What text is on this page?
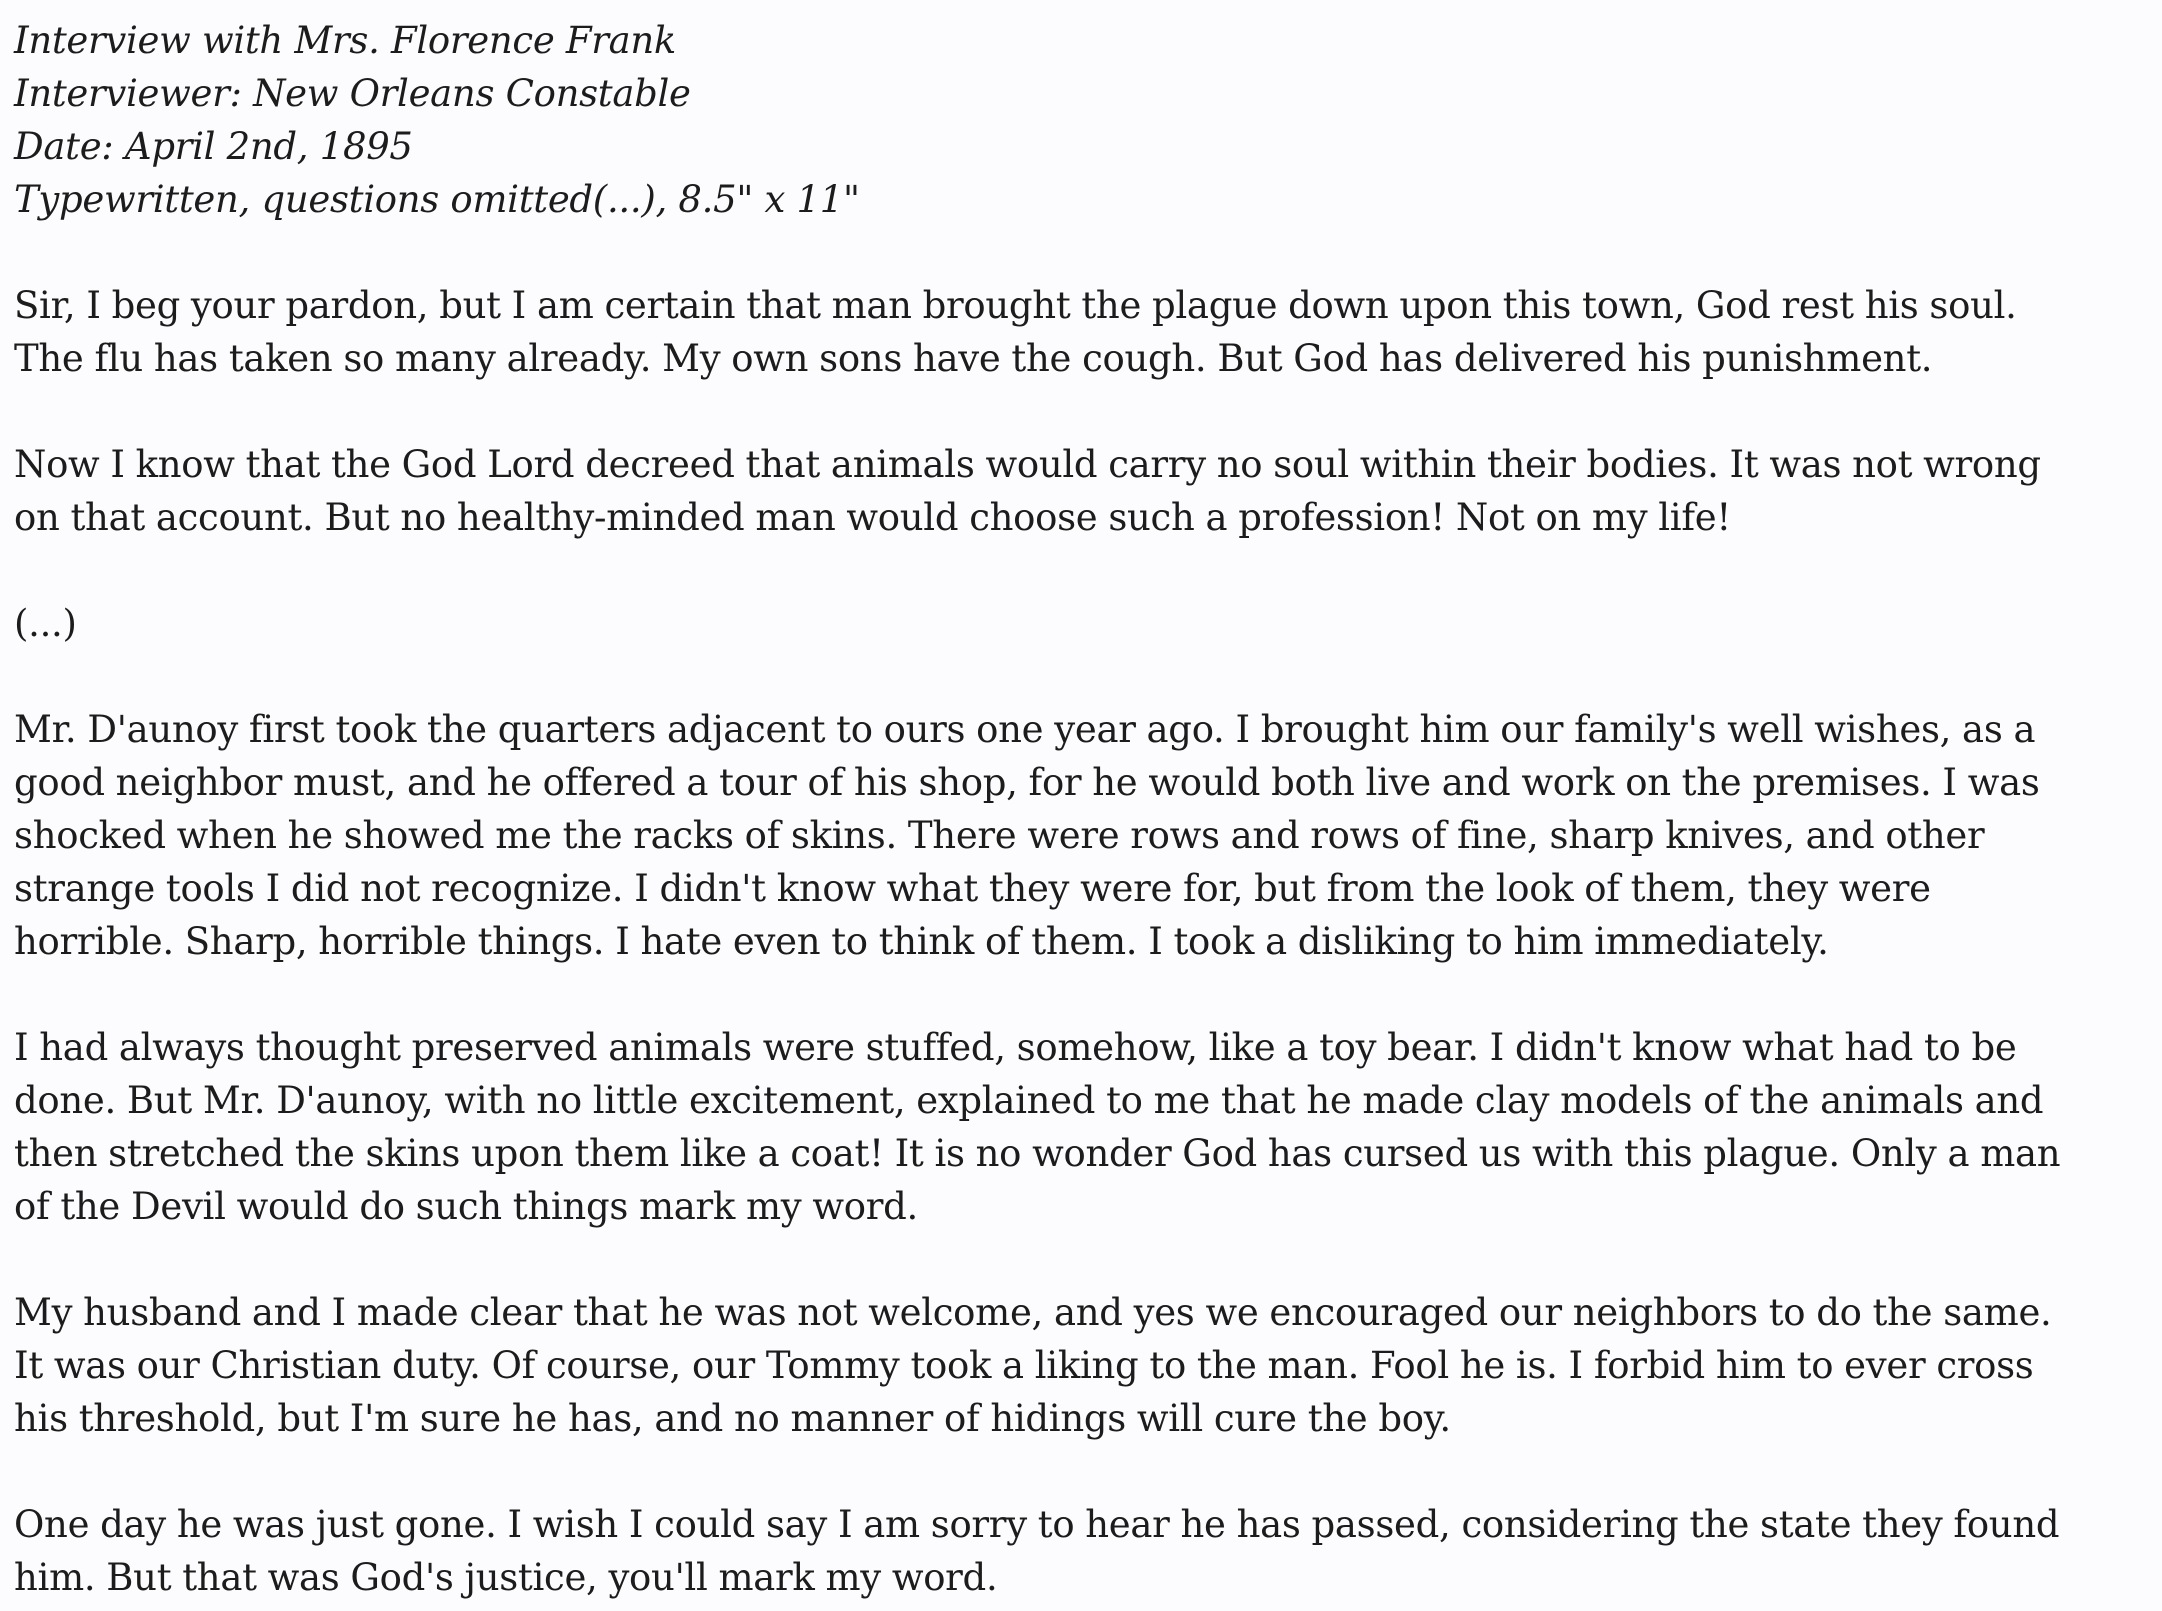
Interview with Mrs. Florence Frank
Interviewer: New Orleans Constable
Date: April 2nd, 1895
Typewritten, questions omitted(...), 8.5" x 11"

Sir, I beg your pardon, but I am certain that man brought the plague down upon this town, God rest his soul. The flu has taken so many already. My own sons have the cough. But God has delivered his punishment.

Now I know that the God Lord decreed that animals would carry no soul within their bodies. It was not wrong on that account. But no healthy-minded man would choose such a profession! Not on my life!

(...)

Mr. D'aunoy first took the quarters adjacent to ours one year ago. I brought him our family's well wishes, as a good neighbor must, and he offered a tour of his shop, for he would both live and work on the premises. I was shocked when he showed me the racks of skins. There were rows and rows of fine, sharp knives, and other strange tools I did not recognize. I didn't know what they were for, but from the look of them, they were horrible. Sharp, horrible things. I hate even to think of them. I took a disliking to him immediately.

I had always thought preserved animals were stuffed, somehow, like a toy bear. I didn't know what had to be done. But Mr. D'aunoy, with no little excitement, explained to me that he made clay models of the animals and then stretched the skins upon them like a coat! It is no wonder God has cursed us with this plague. Only a man of the Devil would do such things mark my word.

My husband and I made clear that he was not welcome, and yes we encouraged our neighbors to do the same. It was our Christian duty. Of course, our Tommy took a liking to the man. Fool he is. I forbid him to ever cross his threshold, but I'm sure he has, and no manner of hidings will cure the boy.

One day he was just gone. I wish I could say I am sorry to hear he has passed, considering the state they found him. But that was God's justice, you'll mark my word.
